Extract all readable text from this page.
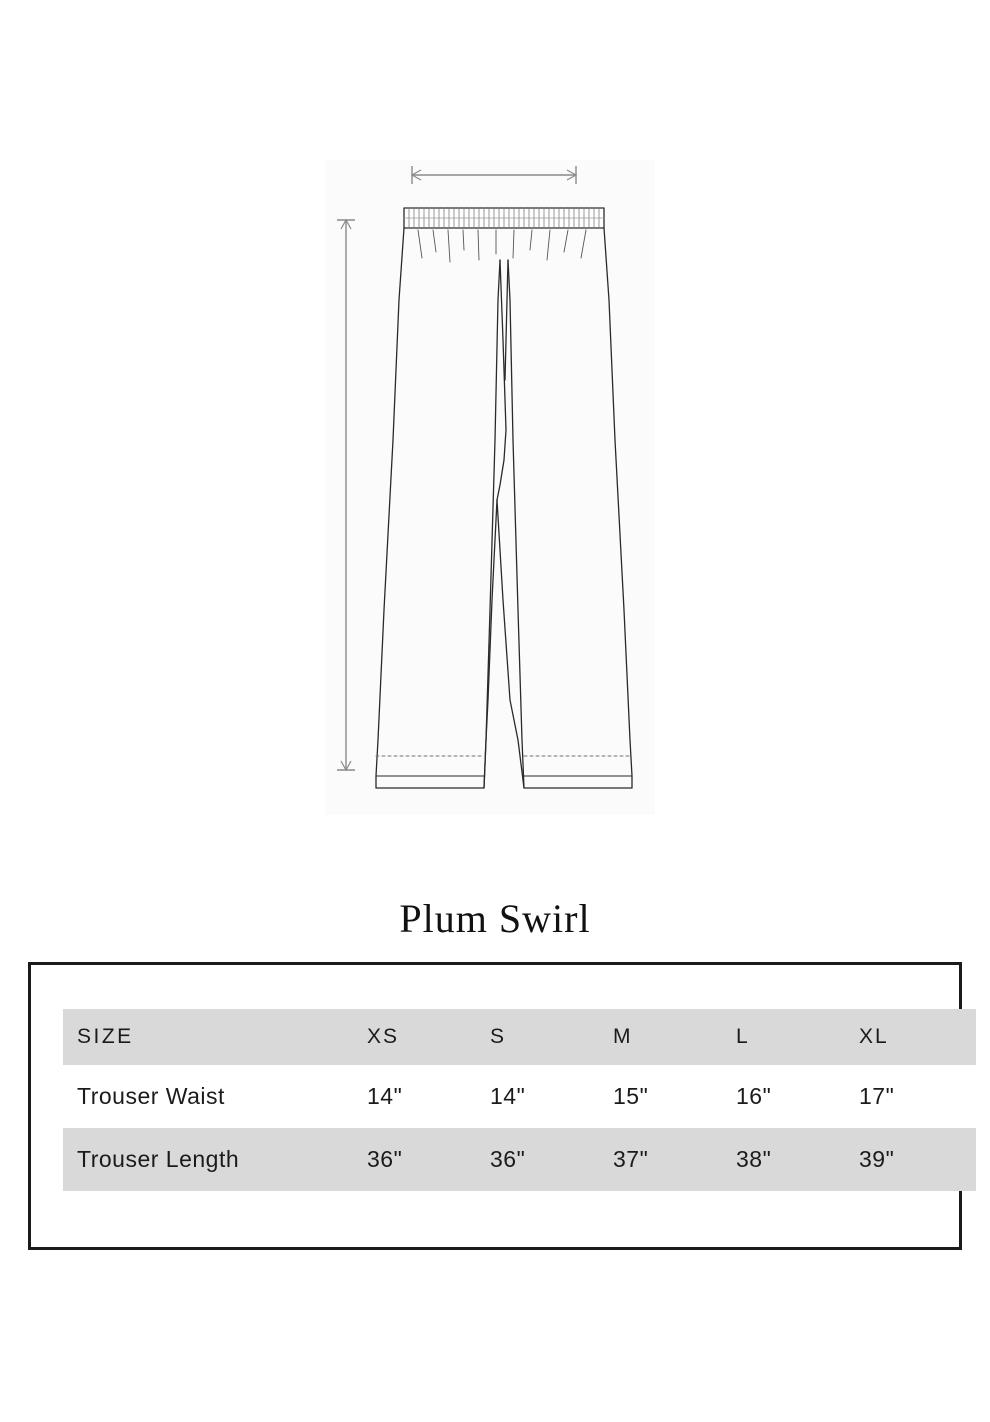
Plum Swirl
SIZE	XS	S	M	L	XL
Trouser Waist	14"	14"	15"	16"	17"
Trouser Length	36"	36"	37"	38"	39"
